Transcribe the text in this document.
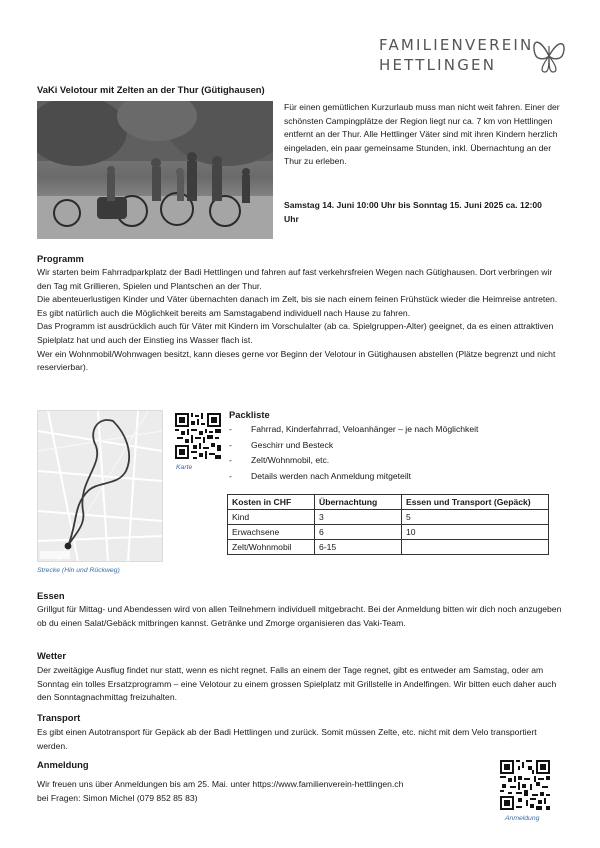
FAMILIENVEREIN
HETTLINGEN
VaKi Velotour mit Zelten an der Thur (Gütighausen)

Für einen gemütlichen Kurzurlaub muss man nicht weit fahren. Einer der schönsten Campingplätze der Region liegt nur ca. 7 km von Hettlingen entfernt an der Thur. Alle Hettlinger Väter sind mit ihren Kindern herzlich eingeladen, ein paar gemeinsame Stunden, inkl. Übernachtung an der Thur zu erleben.

Samstag 14. Juni 10:00 Uhr bis Sonntag 15. Juni 2025 ca. 12:00 Uhr

Programm

Wir starten beim Fahrradparkplatz der Badi Hettlingen und fahren auf fast verkehrsfreien Wegen nach Gütighausen. Dort verbringen wir den Tag mit Grillieren, Spielen und Plantschen an der Thur.

Die abenteuerlustigen Kinder und Väter übernachten danach im Zelt, bis sie nach einem feinen Frühstück wieder die Heimreise antreten. Es gibt natürlich auch die Möglichkeit bereits am Samstagabend individuell nach Hause zu fahren.

Das Programm ist ausdrücklich auch für Väter mit Kindern im Vorschulalter (ab ca. Spielgruppen-Alter) geeignet, da es einen attraktiven Spielplatz hat und auch der Einstieg ins Wasser flach ist.

Wer ein Wohnmobil/Wohnwagen besitzt, kann dieses gerne vor Beginn der Velotour in Gütighausen abstellen (Plätze begrenzt und nicht reservierbar).

Strecke (Hin und Rückweg)
Karte
Packliste
- Fahrrad, Kinderfahrrad, Veloanhänger – je nach Möglichkeit
- Geschirr und Besteck
- Zelt/Wohnmobil, etc.
- Details werden nach Anmeldung mitgeteilt
Kosten in CHF	Übernachtung	Essen und Transport (Gepäck)
Kind	3	5
Erwachsene	6	10
Zelt/Wohnmobil	6-15	
Essen

Grillgut für Mittag- und Abendessen wird von allen Teilnehmern individuell mitgebracht. Bei der Anmeldung bitten wir dich noch anzugeben ob du einen Salat/Gebäck mitbringen kannst. Getränke und Zmorge organisieren das Vaki-Team.

Wetter

Der zweitägige Ausflug findet nur statt, wenn es nicht regnet. Falls an einem der Tage regnet, gibt es entweder am Samstag, oder am Sonntag ein tolles Ersatzprogramm – eine Velotour zu einem grossen Spielplatz mit Grillstelle in Andelfingen. Wir bitten euch daher auch den Sonntagnachmittag freizuhalten.

Transport

Es gibt einen Autotransport für Gepäck ab der Badi Hettlingen und zurück. Somit müssen Zelte, etc. nicht mit dem Velo transportiert werden.

Anmeldung

Wir freuen uns über Anmeldungen bis am 25. Mai. unter https://www.familienverein-hettlingen.ch

bei Fragen: Simon Michel (079 852 85 83)

Anmeldung
